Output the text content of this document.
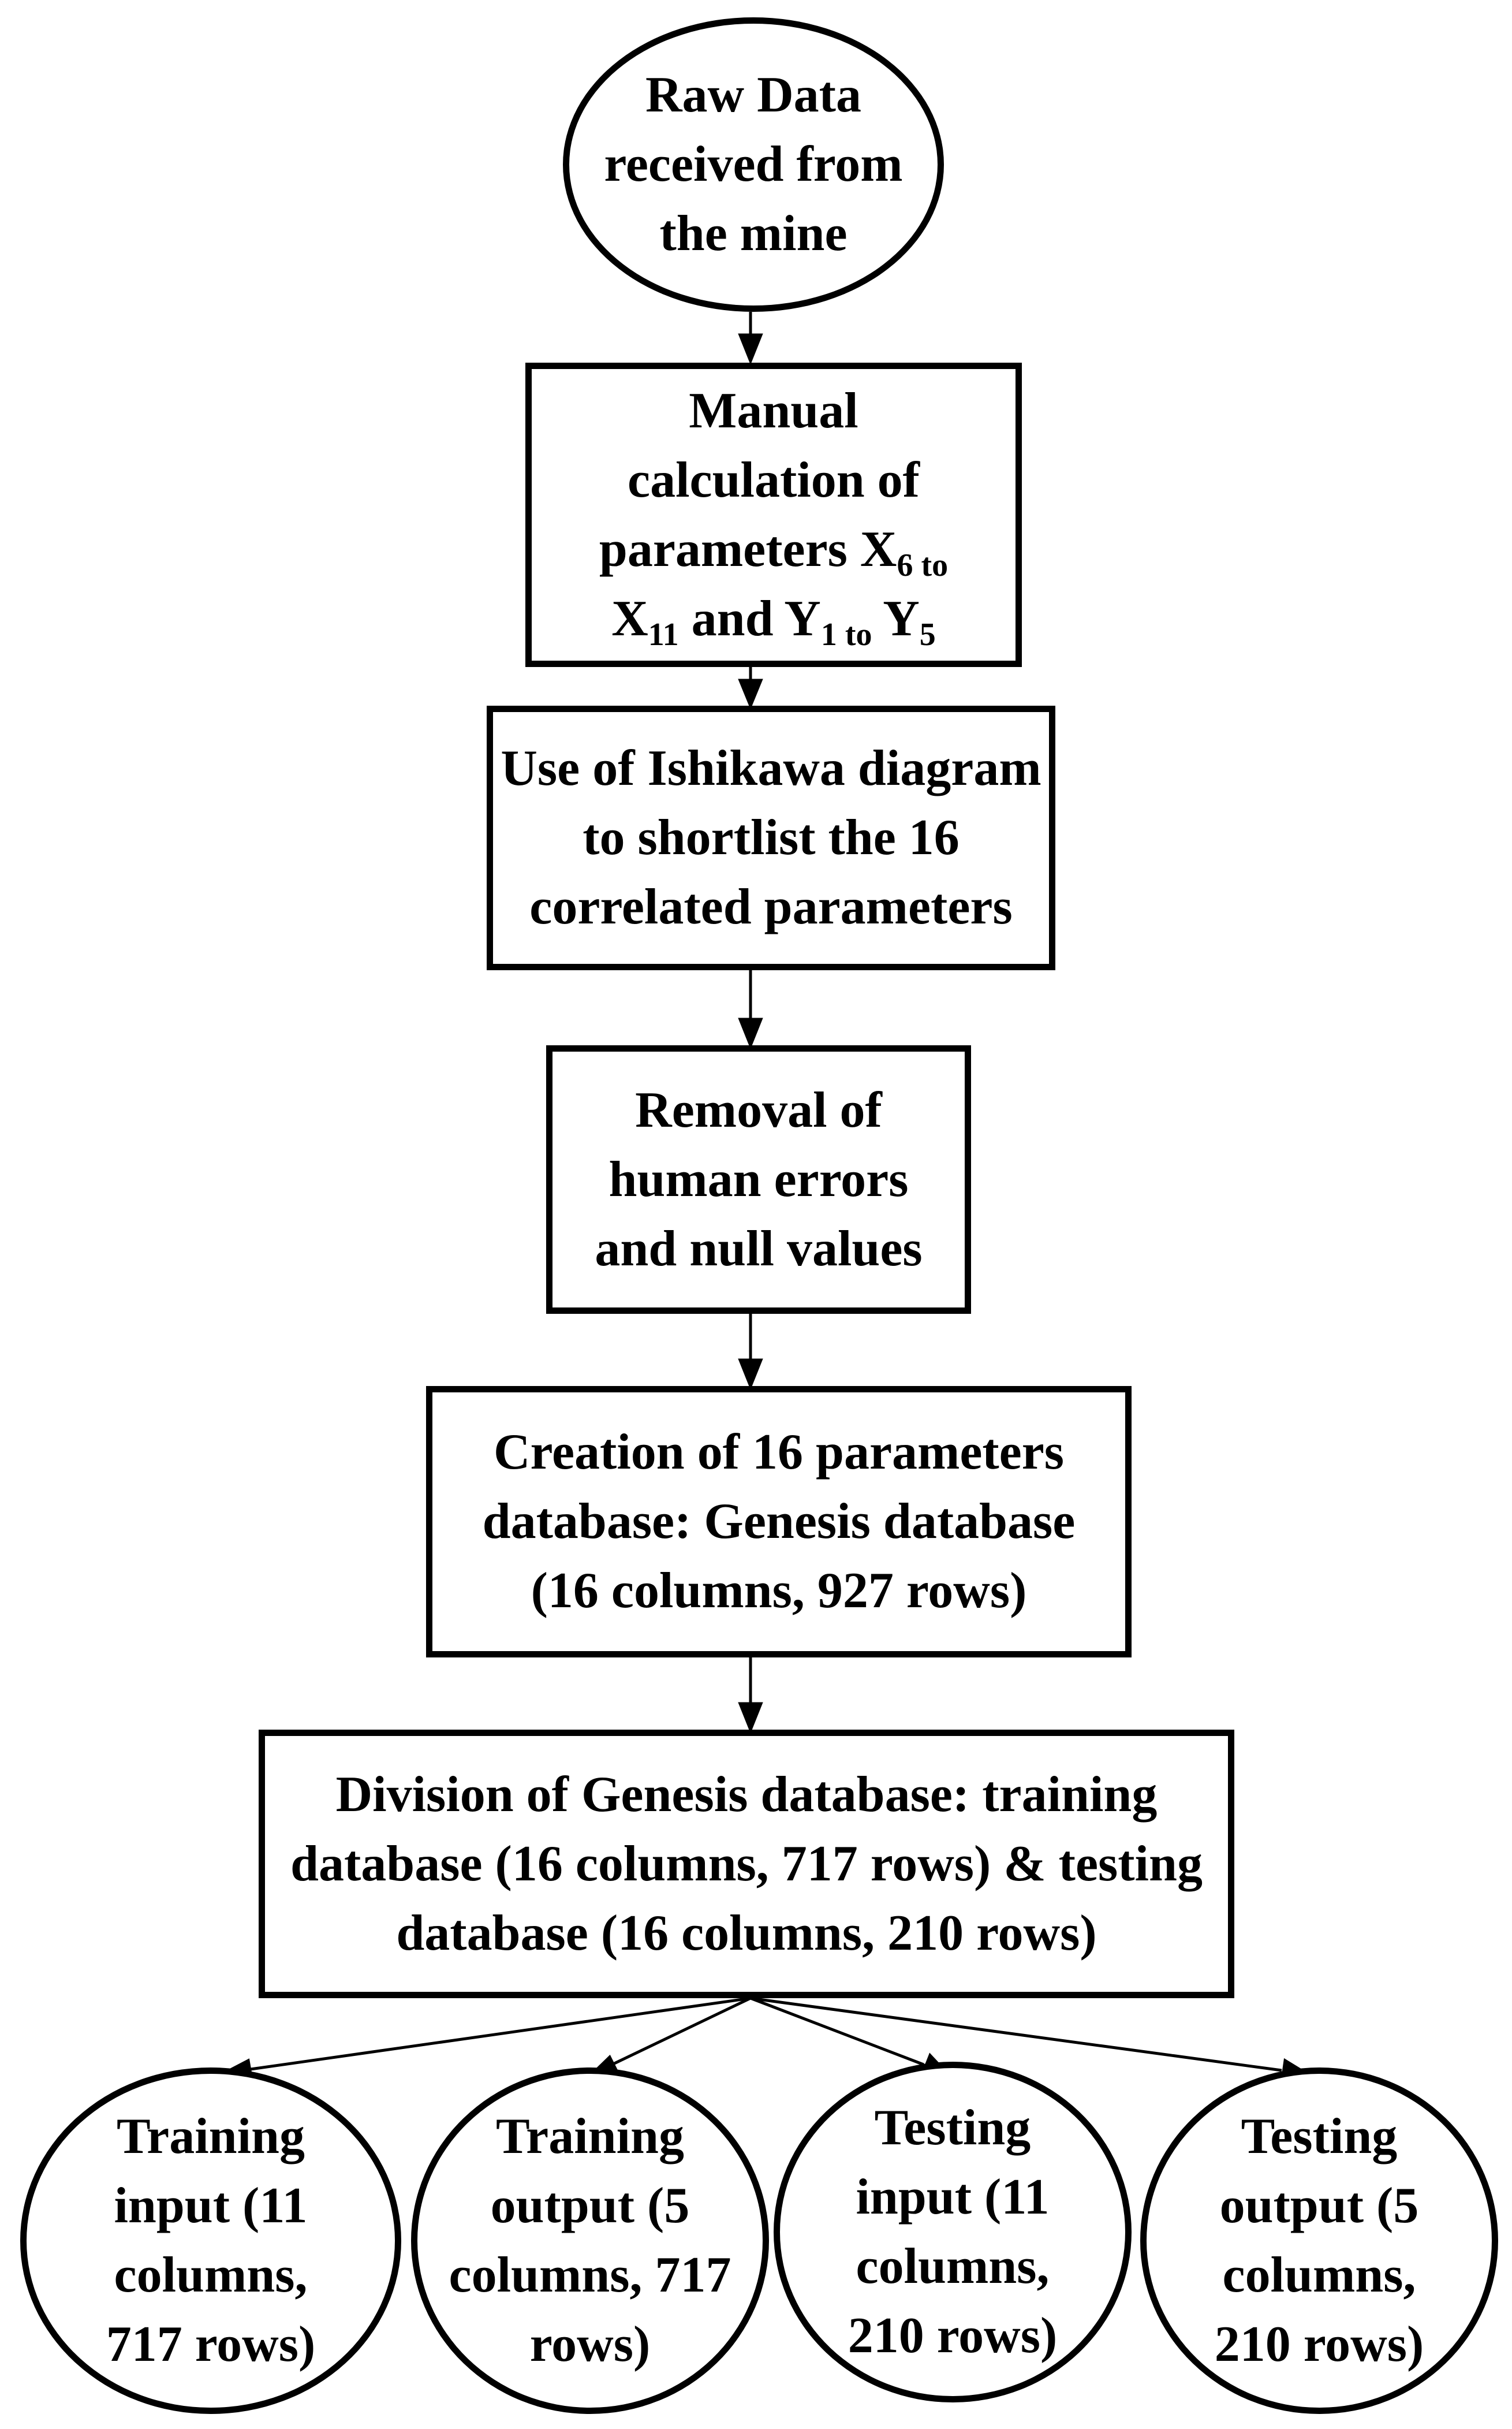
Raw Data
received from
the mine
Manual
calculation of
parameters $X_{6 to}$
$X_{11}$ and $Y_{1 to}$ $Y_5$
Use of Ishikawa diagram
to shortlist the 16
correlated parameters
Removal of
human errors
and null values
Creation of 16 parameters
database: Genesis database
(16 columns, 927 rows)
Division of Genesis database: training
database (16 columns, 717 rows) & testing
database (16 columns, 210 rows)
Training
input (11
columns,
717 rows)
Training
output (5
columns, 717
rows)
Testing
input (11
columns,
210 rows)
Testing
output (5
columns,
210 rows)
